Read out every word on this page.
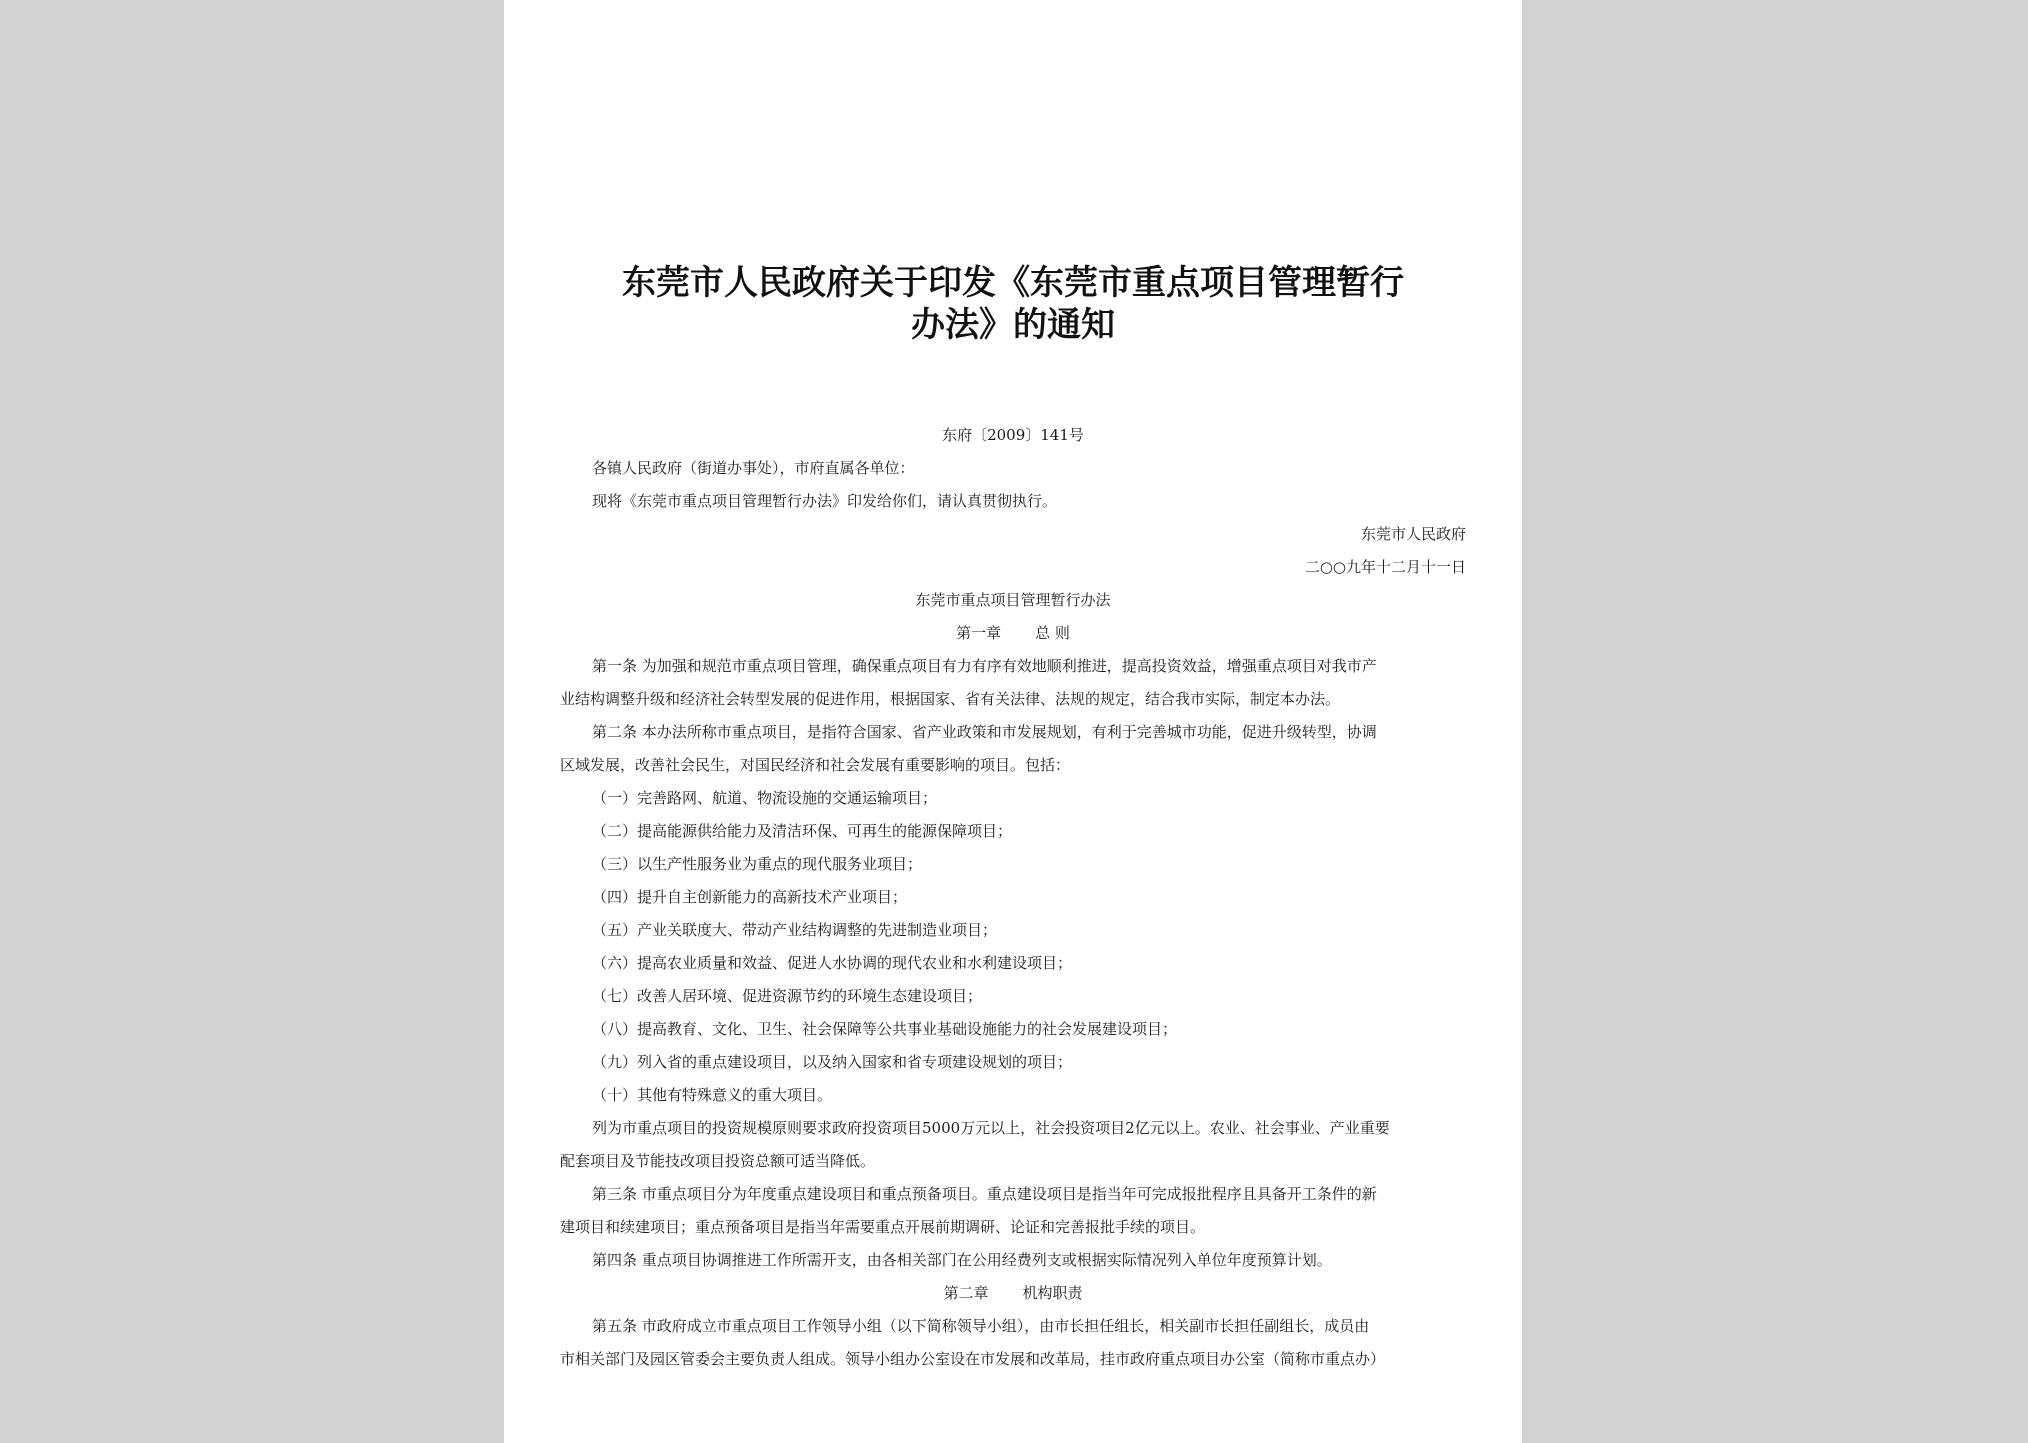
东莞市人民政府关于印发《东莞市重点项目管理暂行
办法》的通知
东府〔2009〕141号
各镇人民政府（街道办事处），市府直属各单位：
现将《东莞市重点项目管理暂行办法》印发给你们，请认真贯彻执行。
东莞市人民政府
二○○九年十二月十一日
东莞市重点项目管理暂行办法
第一章 总 则
第一条 为加强和规范市重点项目管理，确保重点项目有力有序有效地顺利推进，提高投资效益，增强重点项目对我市产
业结构调整升级和经济社会转型发展的促进作用，根据国家、省有关法律、法规的规定，结合我市实际，制定本办法。
第二条 本办法所称市重点项目，是指符合国家、省产业政策和市发展规划，有利于完善城市功能，促进升级转型，协调
区域发展，改善社会民生，对国民经济和社会发展有重要影响的项目。包括：
（一）完善路网、航道、物流设施的交通运输项目；
（二）提高能源供给能力及清洁环保、可再生的能源保障项目；
（三）以生产性服务业为重点的现代服务业项目；
（四）提升自主创新能力的高新技术产业项目；
（五）产业关联度大、带动产业结构调整的先进制造业项目；
（六）提高农业质量和效益、促进人水协调的现代农业和水利建设项目；
（七）改善人居环境、促进资源节约的环境生态建设项目；
（八）提高教育、文化、卫生、社会保障等公共事业基础设施能力的社会发展建设项目；
（九）列入省的重点建设项目，以及纳入国家和省专项建设规划的项目；
（十）其他有特殊意义的重大项目。
列为市重点项目的投资规模原则要求政府投资项目5000万元以上，社会投资项目2亿元以上。农业、社会事业、产业重要
配套项目及节能技改项目投资总额可适当降低。
第三条 市重点项目分为年度重点建设项目和重点预备项目。重点建设项目是指当年可完成报批程序且具备开工条件的新
建项目和续建项目；重点预备项目是指当年需要重点开展前期调研、论证和完善报批手续的项目。
第四条 重点项目协调推进工作所需开支，由各相关部门在公用经费列支或根据实际情况列入单位年度预算计划。
第二章 机构职责
第五条 市政府成立市重点项目工作领导小组（以下简称领导小组），由市长担任组长，相关副市长担任副组长，成员由
市相关部门及园区管委会主要负责人组成。领导小组办公室设在市发展和改革局，挂市政府重点项目办公室（简称市重点办）
